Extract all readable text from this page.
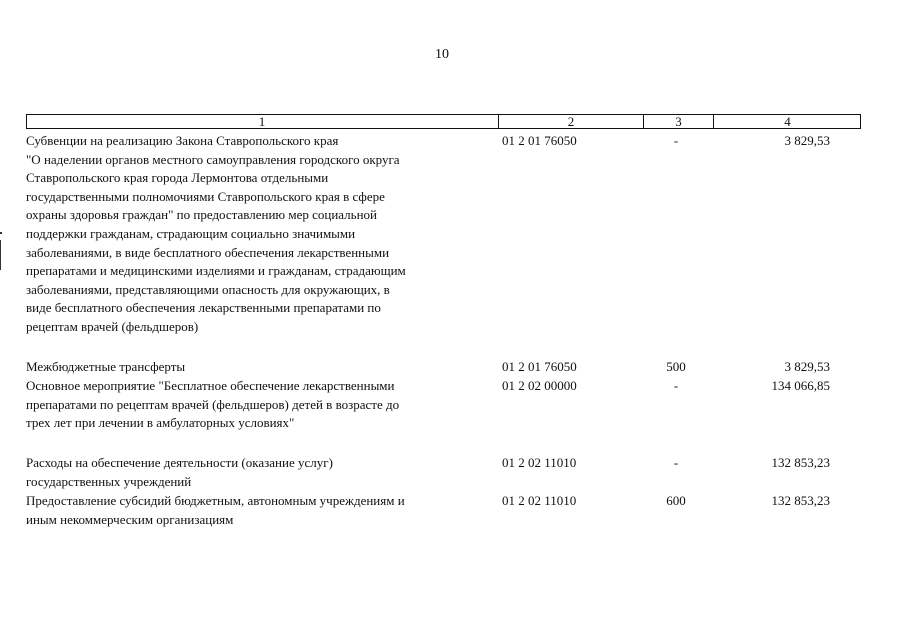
10
1	2	3	4
Субвенции на реализацию Закона Ставропольского края
"О наделении органов местного самоуправления городского округа
Ставропольского края города Лермонтова отдельными
государственными полномочиями Ставропольского края в сфере
охраны здоровья граждан" по предоставлению мер социальной
поддержки гражданам, страдающим социально значимыми
заболеваниями, в виде бесплатного обеспечения лекарственными
препаратами и медицинскими изделиями и гражданам, страдающим
заболеваниями, представляющими опасность для окружающих, в
виде бесплатного обеспечения лекарственными препаратами по
рецептам врачей (фельдшеров)
01 2 01 76050	-	3 829,53
Межбюджетные трансферты	01 2 01 76050	500	3 829,53
Основное мероприятие "Бесплатное обеспечение лекарственными
препаратами по рецептам врачей (фельдшеров) детей в возрасте до
трех лет при лечении в амбулаторных условиях"
01 2 02 00000	-	134 066,85
Расходы на обеспечение деятельности (оказание услуг)
государственных учреждений
01 2 02 11010	-	132 853,23
Предоставление субсидий бюджетным, автономным учреждениям и
иным некоммерческим организациям
01 2 02 11010	600	132 853,23
